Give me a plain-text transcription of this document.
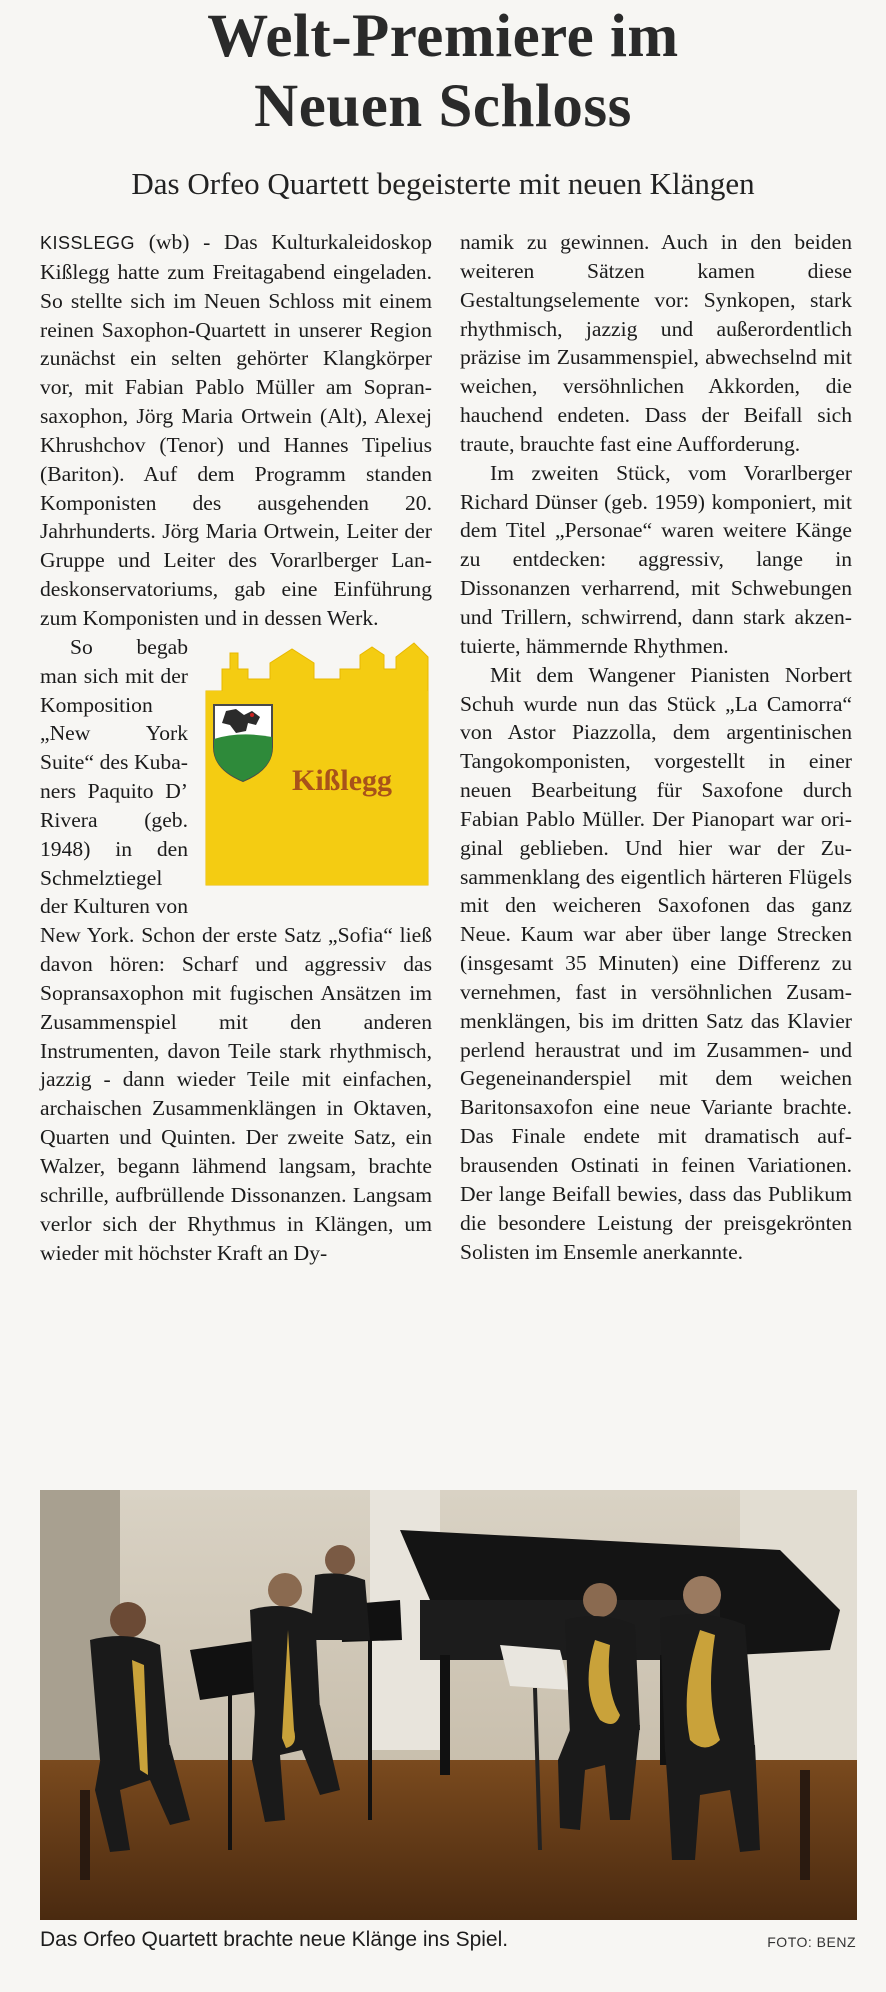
Welt-Premiere im
Neuen Schloss
Das Orfeo Quartett begeisterte mit neuen Klängen

KISSLEGG (wb) - Das Kulturkaleidoskop Kißlegg hatte zum Freitagabend eingeladen. So stellte sich im Neuen Schloss mit einem reinen Saxophon-Quartett in unserer Region zunächst ein selten gehörter Klangkörper vor, mit Fabian Pablo Müller am Sopransaxophon, Jörg Maria Ortwein (Alt), Alexej Khrushchov (Tenor) und Hannes Tipelius (Bariton). Auf dem Programm standen Komponisten des ausgehenden 20. Jahrhunderts. Jörg Maria Ortwein, Leiter der Gruppe und Leiter des Vorarlberger Landeskonservatoriums, gab eine Einführung zum Komponisten und in dessen Werk.

Kißlegg
So begab man sich mit der Komposition „New York Suite“ des Kubaners Paquito D’ Rivera (geb. 1948) in den Schmelztiegel der Kulturen von New York. Schon der erste Satz „Sofia“ ließ davon hören: Scharf und aggressiv das Sopransaxophon mit fugischen Ansätzen im Zusammenspiel mit den anderen Instrumenten, davon Teile stark rhythmisch, jazzig - dann wieder Teile mit einfachen, archaischen Zusammenklängen in Oktaven, Quarten und Quinten. Der zweite Satz, ein Walzer, begann lähmend langsam, brachte schrille, aufbrüllende Dissonanzen. Langsam verlor sich der Rhythmus in Klängen, um wieder mit höchster Kraft an Dy-

namik zu gewinnen. Auch in den beiden weiteren Sätzen kamen diese Gestaltungselemente vor: Synkopen, stark rhythmisch, jazzig und außerordentlich präzise im Zusammenspiel, abwechselnd mit weichen, versöhnlichen Akkorden, die hauchend endeten. Dass der Beifall sich traute, brauchte fast eine Aufforderung.

Im zweiten Stück, vom Vorarlberger Richard Dünser (geb. 1959) komponiert, mit dem Titel „Personae“ waren weitere Känge zu entdecken: aggressiv, lange in Dissonanzen verharrend, mit Schwebungen und Trillern, schwirrend, dann stark akzentuierte, hämmernde Rhythmen.

Mit dem Wangener Pianisten Norbert Schuh wurde nun das Stück „La Camorra“ von Astor Piazzolla, dem argentinischen Tangokomponisten, vorgestellt in einer neuen Bearbeitung für Saxofone durch Fabian Pablo Müller. Der Pianopart war original geblieben. Und hier war der Zusammenklang des eigentlich härteren Flügels mit den weicheren Saxofonen das ganz Neue. Kaum war aber über lange Strecken (insgesamt 35 Minuten) eine Differenz zu vernehmen, fast in versöhnlichen Zusammenklängen, bis im dritten Satz das Klavier perlend heraustrat und im Zusammen- und Gegeneinanderspiel mit dem weichen Baritonsaxofon eine neue Variante brachte. Das Finale endete mit dramatisch aufbrausenden Ostinati in feinen Variationen. Der lange Beifall bewies, dass das Publikum die besondere Leistung der preisgekrönten Solisten im Ensemle anerkannte.

Das Orfeo Quartett brachte neue Klänge ins Spiel.	FOTO: BENZ
